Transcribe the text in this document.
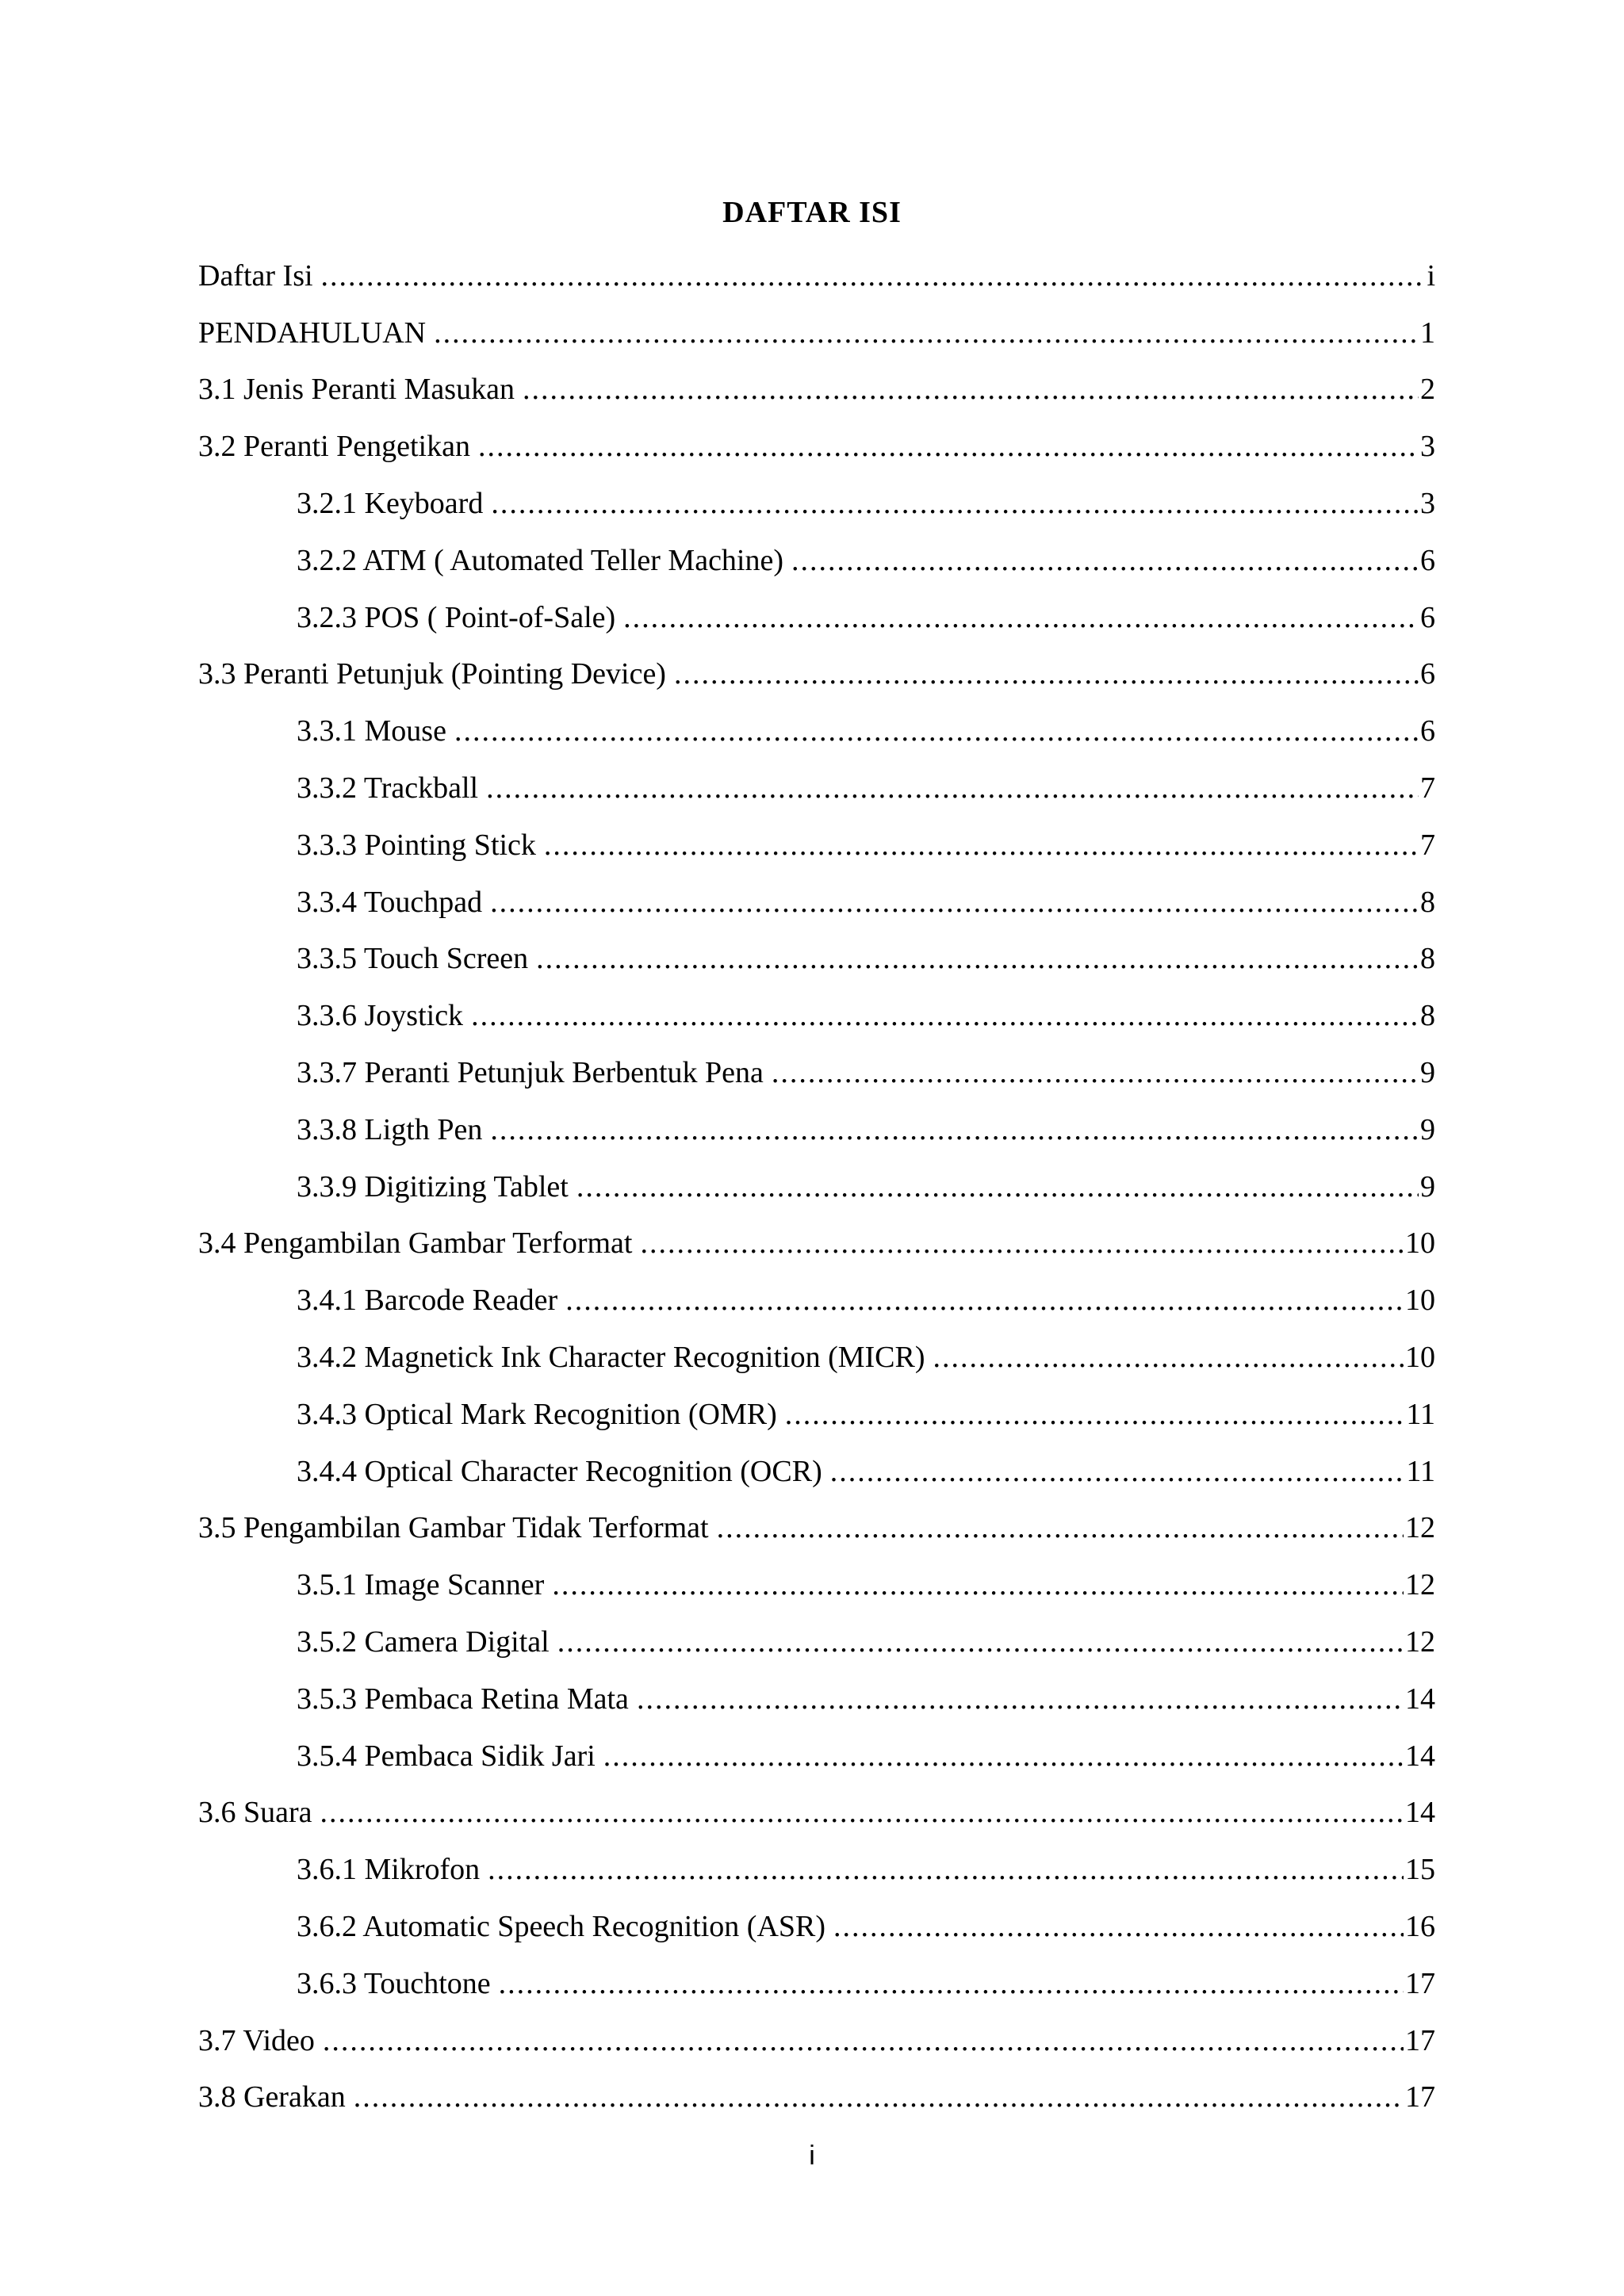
DAFTAR ISI
Daftar Isi .....	i
PENDAHULUAN .....	1
3.1 Jenis Peranti Masukan .....	2
3.2 Peranti Pengetikan .....	3
3.2.1 Keyboard .....	3
3.2.2 ATM ( Automated Teller Machine) .....	6
3.2.3 POS ( Point-of-Sale) .....	6
3.3 Peranti Petunjuk (Pointing Device) .....	6
3.3.1 Mouse .....	6
3.3.2 Trackball .....	7
3.3.3 Pointing Stick .....	7
3.3.4 Touchpad .....	8
3.3.5 Touch Screen .....	8
3.3.6 Joystick .....	8
3.3.7 Peranti Petunjuk Berbentuk Pena .....	9
3.3.8 Ligth Pen .....	9
3.3.9 Digitizing Tablet .....	9
3.4 Pengambilan Gambar Terformat .....	10
3.4.1 Barcode Reader .....	10
3.4.2 Magnetick Ink Character Recognition (MICR) .....	10
3.4.3 Optical Mark Recognition (OMR) .....	11
3.4.4 Optical Character Recognition (OCR) .....	11
3.5 Pengambilan Gambar Tidak Terformat .....	12
3.5.1 Image Scanner .....	12
3.5.2 Camera Digital .....	12
3.5.3 Pembaca Retina Mata .....	14
3.5.4 Pembaca Sidik Jari .....	14
3.6 Suara .....	14
3.6.1 Mikrofon .....	15
3.6.2 Automatic Speech Recognition (ASR) .....	16
3.6.3 Touchtone .....	17
3.7 Video .....	17
3.8 Gerakan .....	17
i
